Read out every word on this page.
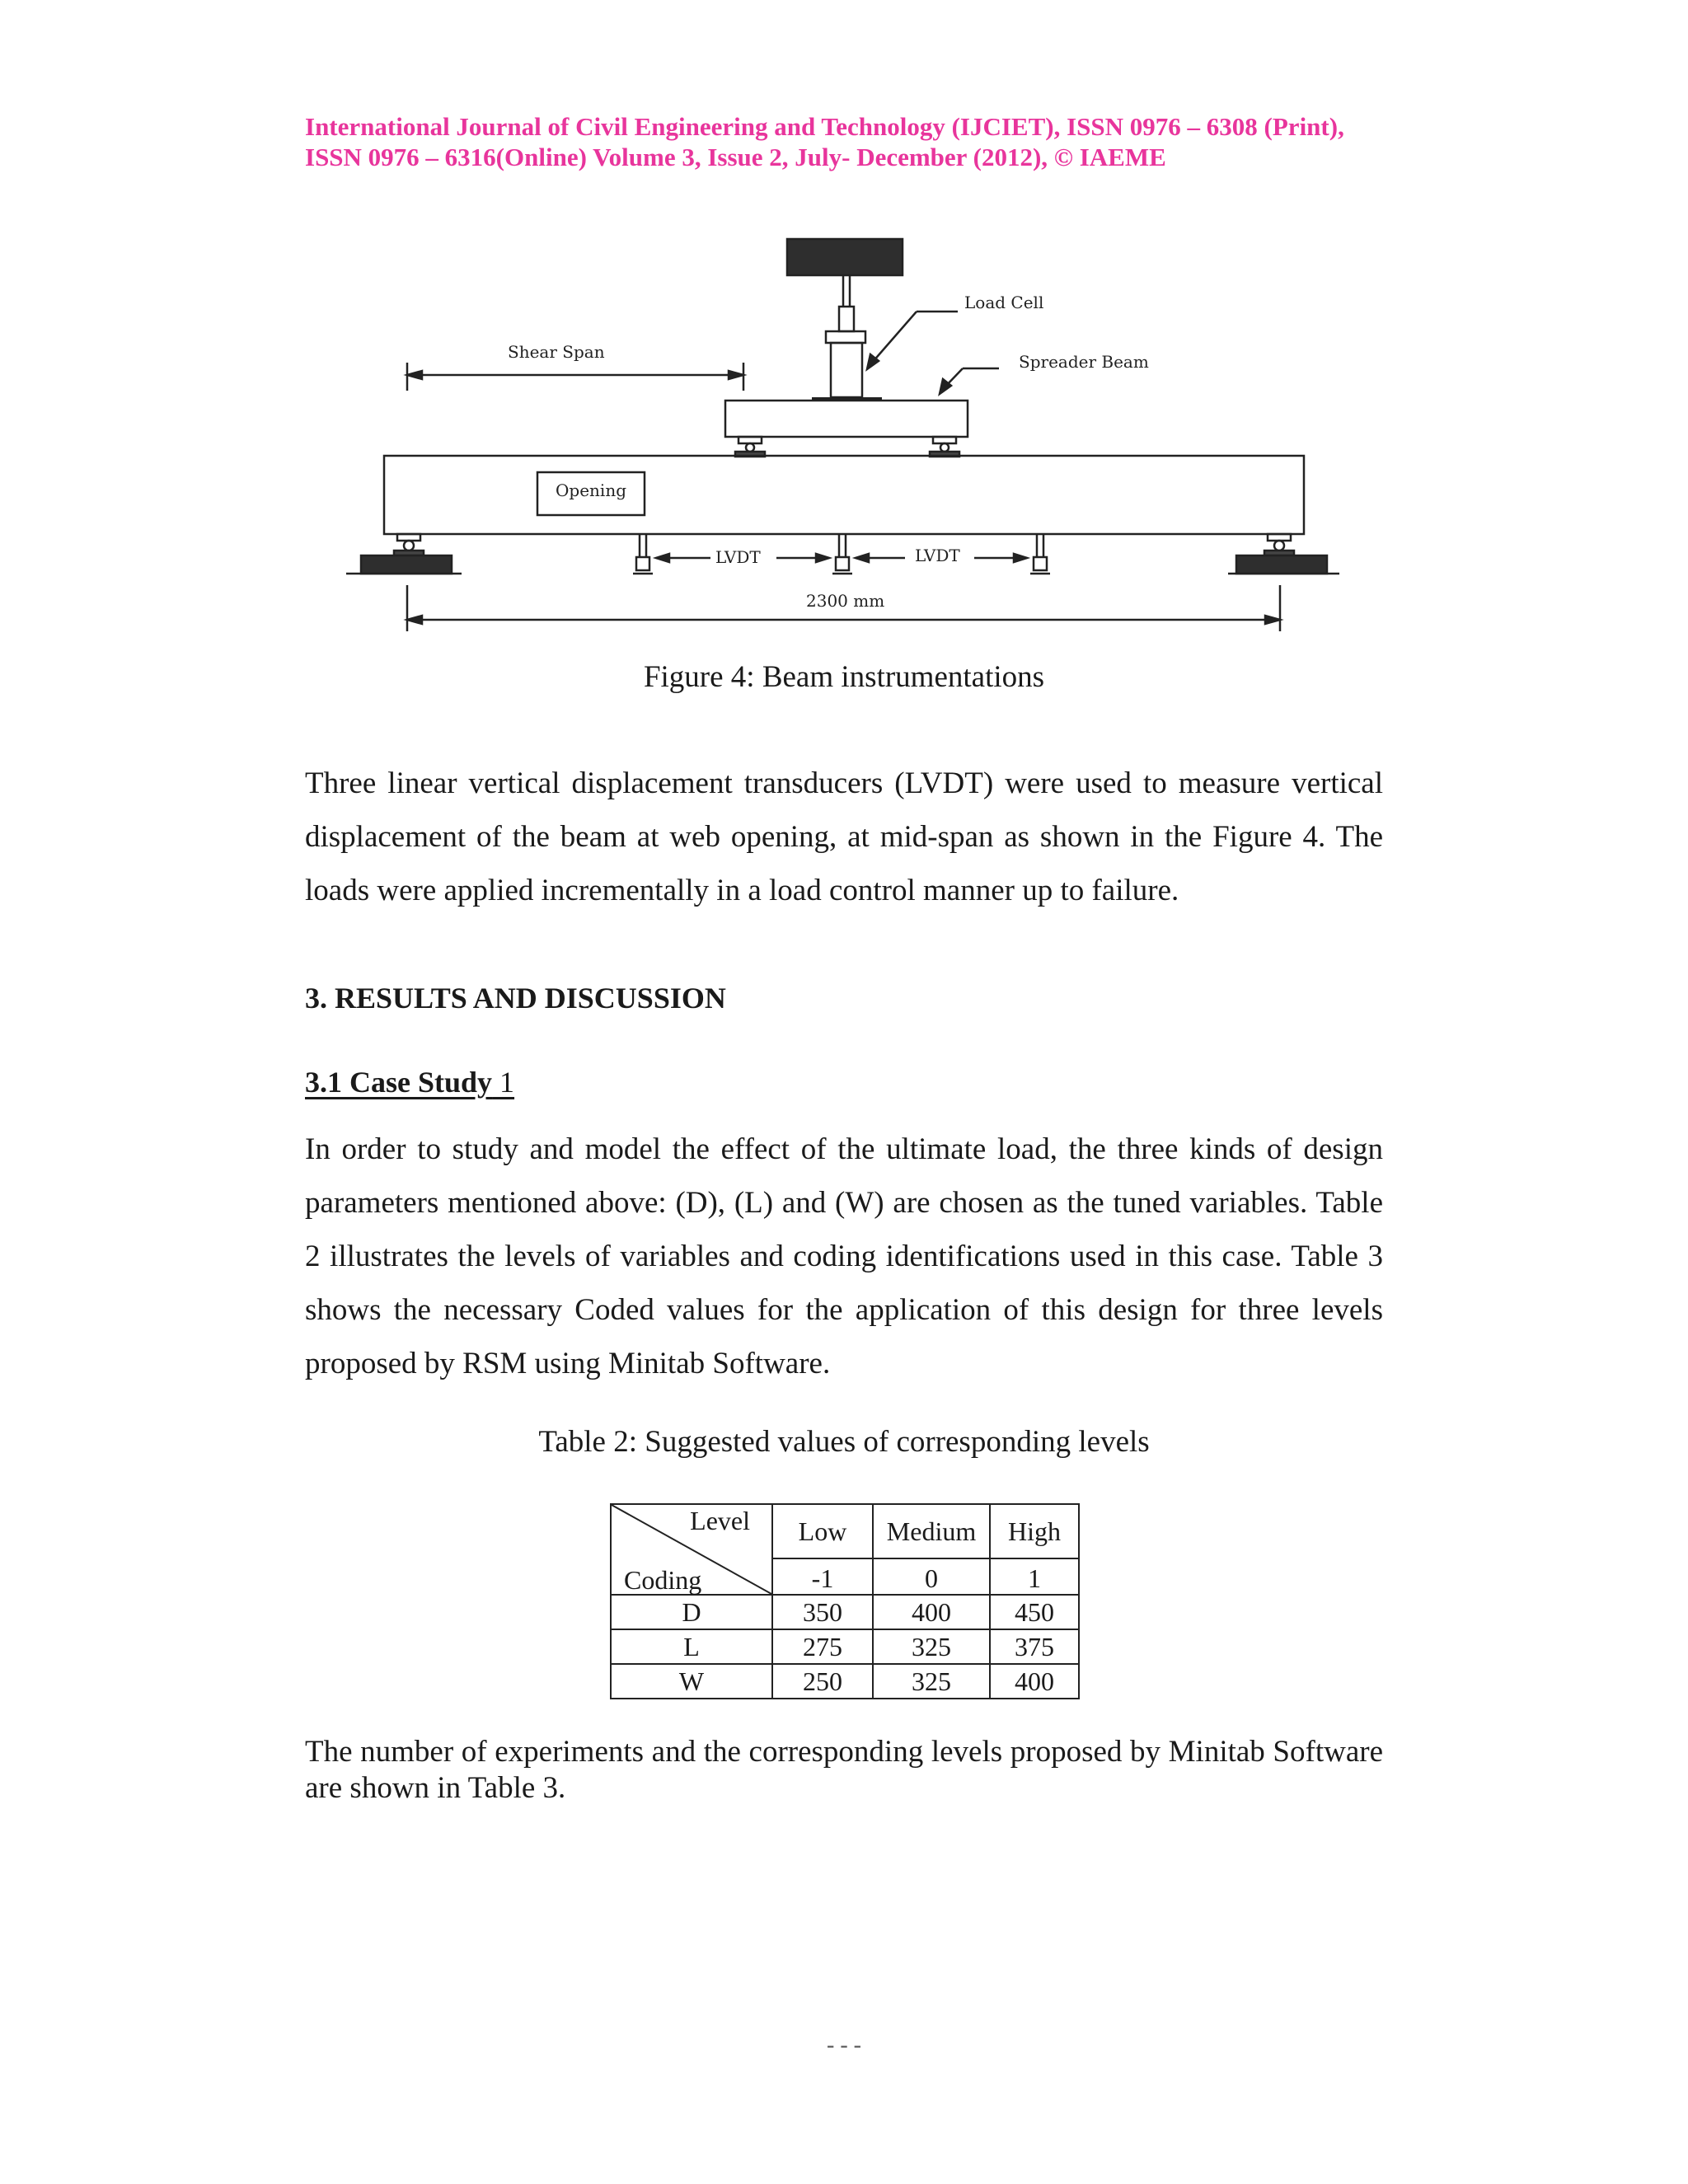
International Journal of Civil Engineering and Technology (IJCIET), ISSN 0976 – 6308 (Print),
ISSN 0976 – 6316(Online) Volume 3, Issue 2, July- December (2012), © IAEME
Load Cell
Spreader Beam
Shear Span
Opening
LVDT	LVDT
2300 mm
Figure 4: Beam instrumentations
Three linear vertical displacement transducers (LVDT) were used to measure vertical displacement of the beam at web opening, at mid-span as shown in the Figure 4. The loads were applied incrementally in a load control manner up to failure.
3. RESULTS AND DISCUSSION
3.1 Case Study 1
In order to study and model the effect of the ultimate load, the three kinds of design parameters mentioned above: (D), (L) and (W) are chosen as the tuned variables. Table 2 illustrates the levels of variables and coding identifications used in this case. Table 3 shows the necessary Coded values for the application of this design for three levels proposed by RSM using Minitab Software.
Table 2: Suggested values of corresponding levels
Level
Coding	Low	Medium	High
	-1	0	1
D	350	400	450
L	275	325	375
W	250	325	400
The number of experiments and the corresponding levels proposed by Minitab Software are shown in Table 3.
- - -
